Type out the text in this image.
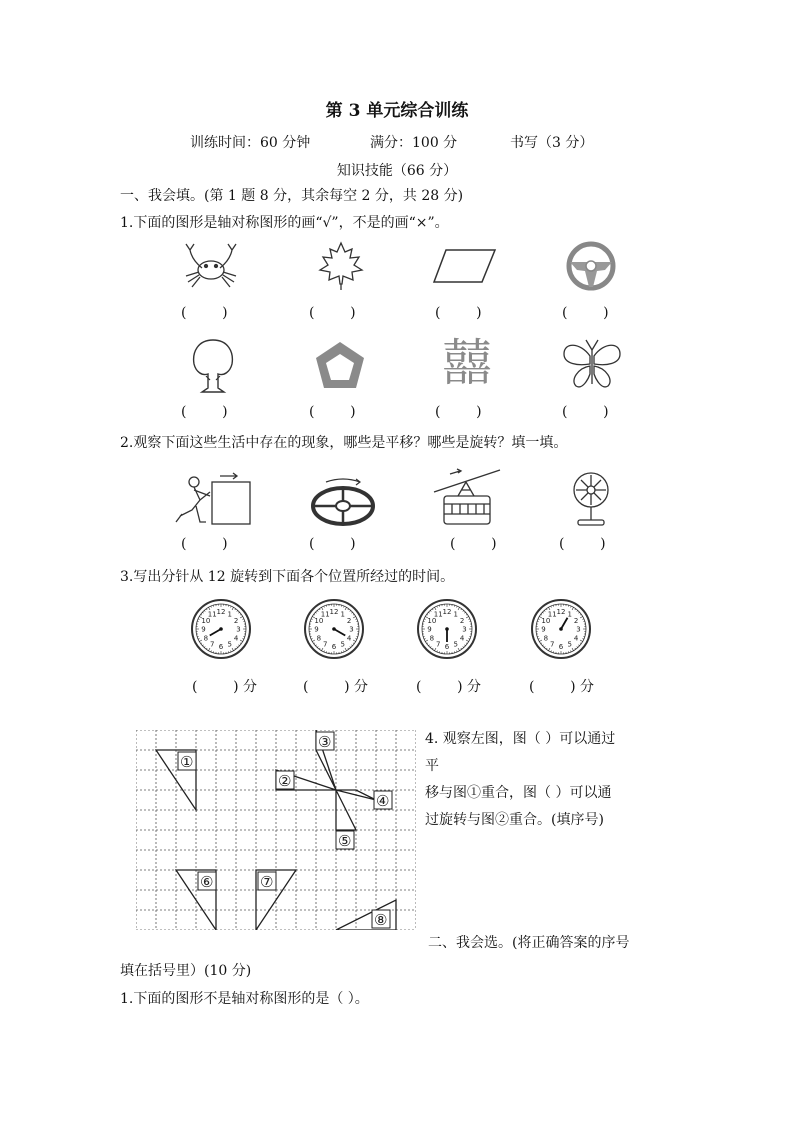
第 3 单元综合训练
训练时间：60 分钟	满分：100 分	书写（3 分）
知识技能（66 分）
一、我会填。(第 1 题 8 分，其余每空 2 分，共 28 分)
1.下面的图形是轴对称图形的画“√”，不是的画“×”。
(        )	(        )	(        )	(        )
囍
(        )	(        )	(        )	(        )
2.观察下面这些生活中存在的现象，哪些是平移？哪些是旋转？填一填。
(        )	(        )	(        )	(        )
3.写出分针从 12 旋转到下面各个位置所经过的时间。
1
2
3
4
5
6
7
8
9
10
11 12	1
2
3
4
5
6
7
8
9
10
11 12	1
2
3
4
5
6
7
8
9
10
11 12	1
2
3
4
5
6
7
8
9
10
11 12
(        ) 分	(        ) 分	(        ) 分	(        ) 分
①
②
③
④
⑤
⑥	⑦
⑧
4. 观察左图，图（ ）可以通过
平
移与图①重合，图（ ）可以通
过旋转与图②重合。(填序号)
二、我会选。(将正确答案的序号
填在括号里）(10 分)
1.下面的图形不是轴对称图形的是（ ）。
